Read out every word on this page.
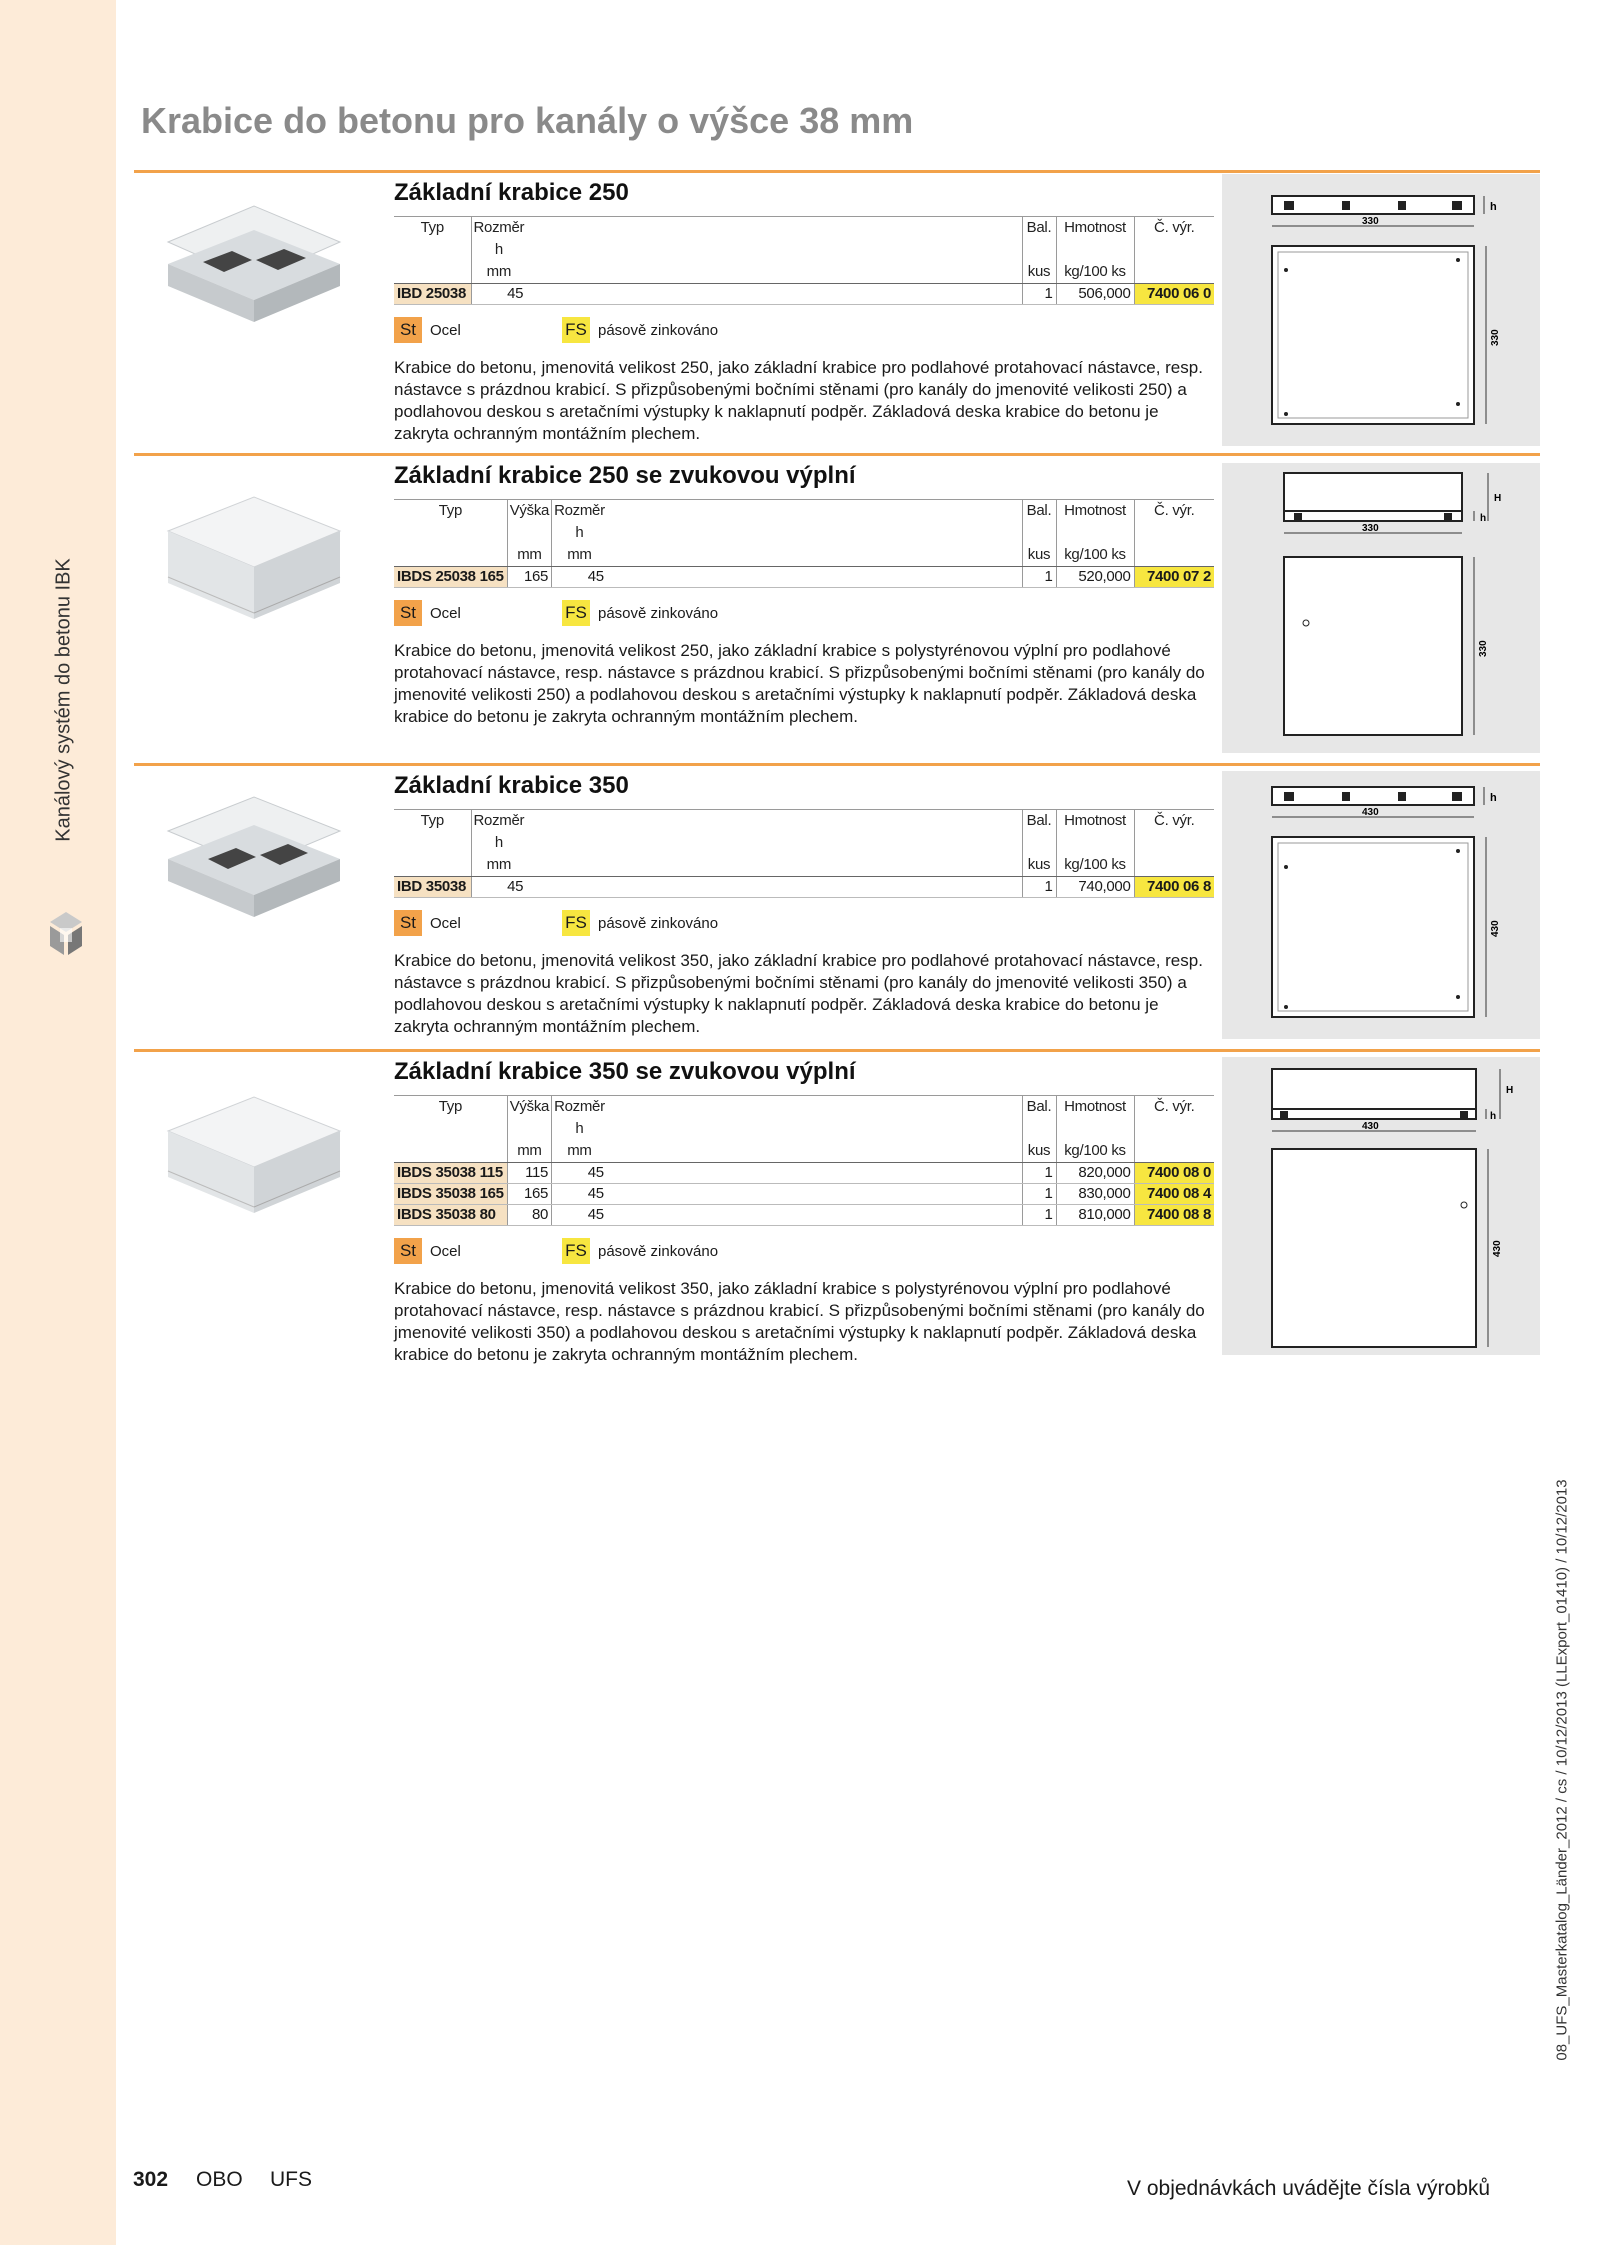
Kanálový systém do betonu IBK
Krabice do betonu pro kanály o výšce 38 mm
Základní krabice 250
Typ	Rozměr h		Bal.	Hmotnost	Č. výr.
	mm		kus	kg/100 ks	
IBD 25038	45		1	506,000	7400 06 0
St Ocel	FS pásově zinkováno

Krabice do betonu, jmenovitá velikost 250, jako základní krabice pro podlahové protahovací nástavce, resp. nástavce s prázdnou krabicí. S přizpůsobenými bočními stěnami (pro kanály do jmenovité velikosti 250) a podlahovou deskou s aretačními výstupky k naklapnutí podpěr. Základová deska krabice do betonu je zakryta ochranným montážním plechem.

h
330
330
Základní krabice 250 se zvukovou výplní
Typ	Výška	Rozměr h		Bal.	Hmotnost	Č. výr.
	mm	mm		kus	kg/100 ks	
IBDS 25038 165	165	45		1	520,000	7400 07 2
St Ocel	FS pásově zinkováno

Krabice do betonu, jmenovitá velikost 250, jako základní krabice s polystyrénovou výplní pro podlahové protahovací nástavce, resp. nástavce s prázdnou krabicí. S přizpůsobenými bočními stěnami (pro kanály do jmenovité velikosti 250) a podlahovou deskou s aretačními výstupky k naklapnutí podpěr. Základová deska krabice do betonu je zakryta ochranným montážním plechem.

h
H
330
330
Základní krabice 350
Typ	Rozměr h		Bal.	Hmotnost	Č. výr.
	mm		kus	kg/100 ks	
IBD 35038	45		1	740,000	7400 06 8
St Ocel	FS pásově zinkováno

Krabice do betonu, jmenovitá velikost 350, jako základní krabice pro podlahové protahovací nástavce, resp. nástavce s prázdnou krabicí. S přizpůsobenými bočními stěnami (pro kanály do jmenovité velikosti 350) a podlahovou deskou s aretačními výstupky k naklapnutí podpěr. Základová deska krabice do betonu je zakryta ochranným montážním plechem.

h
430
430
Základní krabice 350 se zvukovou výplní
Typ	Výška	Rozměr h		Bal.	Hmotnost	Č. výr.
	mm	mm		kus	kg/100 ks	
IBDS 35038 115	115	45		1	820,000	7400 08 0
IBDS 35038 165	165	45		1	830,000	7400 08 4
IBDS 35038 80	80	45		1	810,000	7400 08 8
St Ocel	FS pásově zinkováno

Krabice do betonu, jmenovitá velikost 350, jako základní krabice s polystyrénovou výplní pro podlahové protahovací nástavce, resp. nástavce s prázdnou krabicí. S přizpůsobenými bočními stěnami (pro kanály do jmenovité velikosti 350) a podlahovou deskou s aretačními výstupky k naklapnutí podpěr. Základová deska krabice do betonu je zakryta ochranným montážním plechem.

h
H
430
430
302 OBO UFS	V objednávkách uvádějte čísla výrobků
08_UFS_Masterkatalog_Länder_2012 / cs / 10/12/2013 (LLExport_01410) / 10/12/2013
